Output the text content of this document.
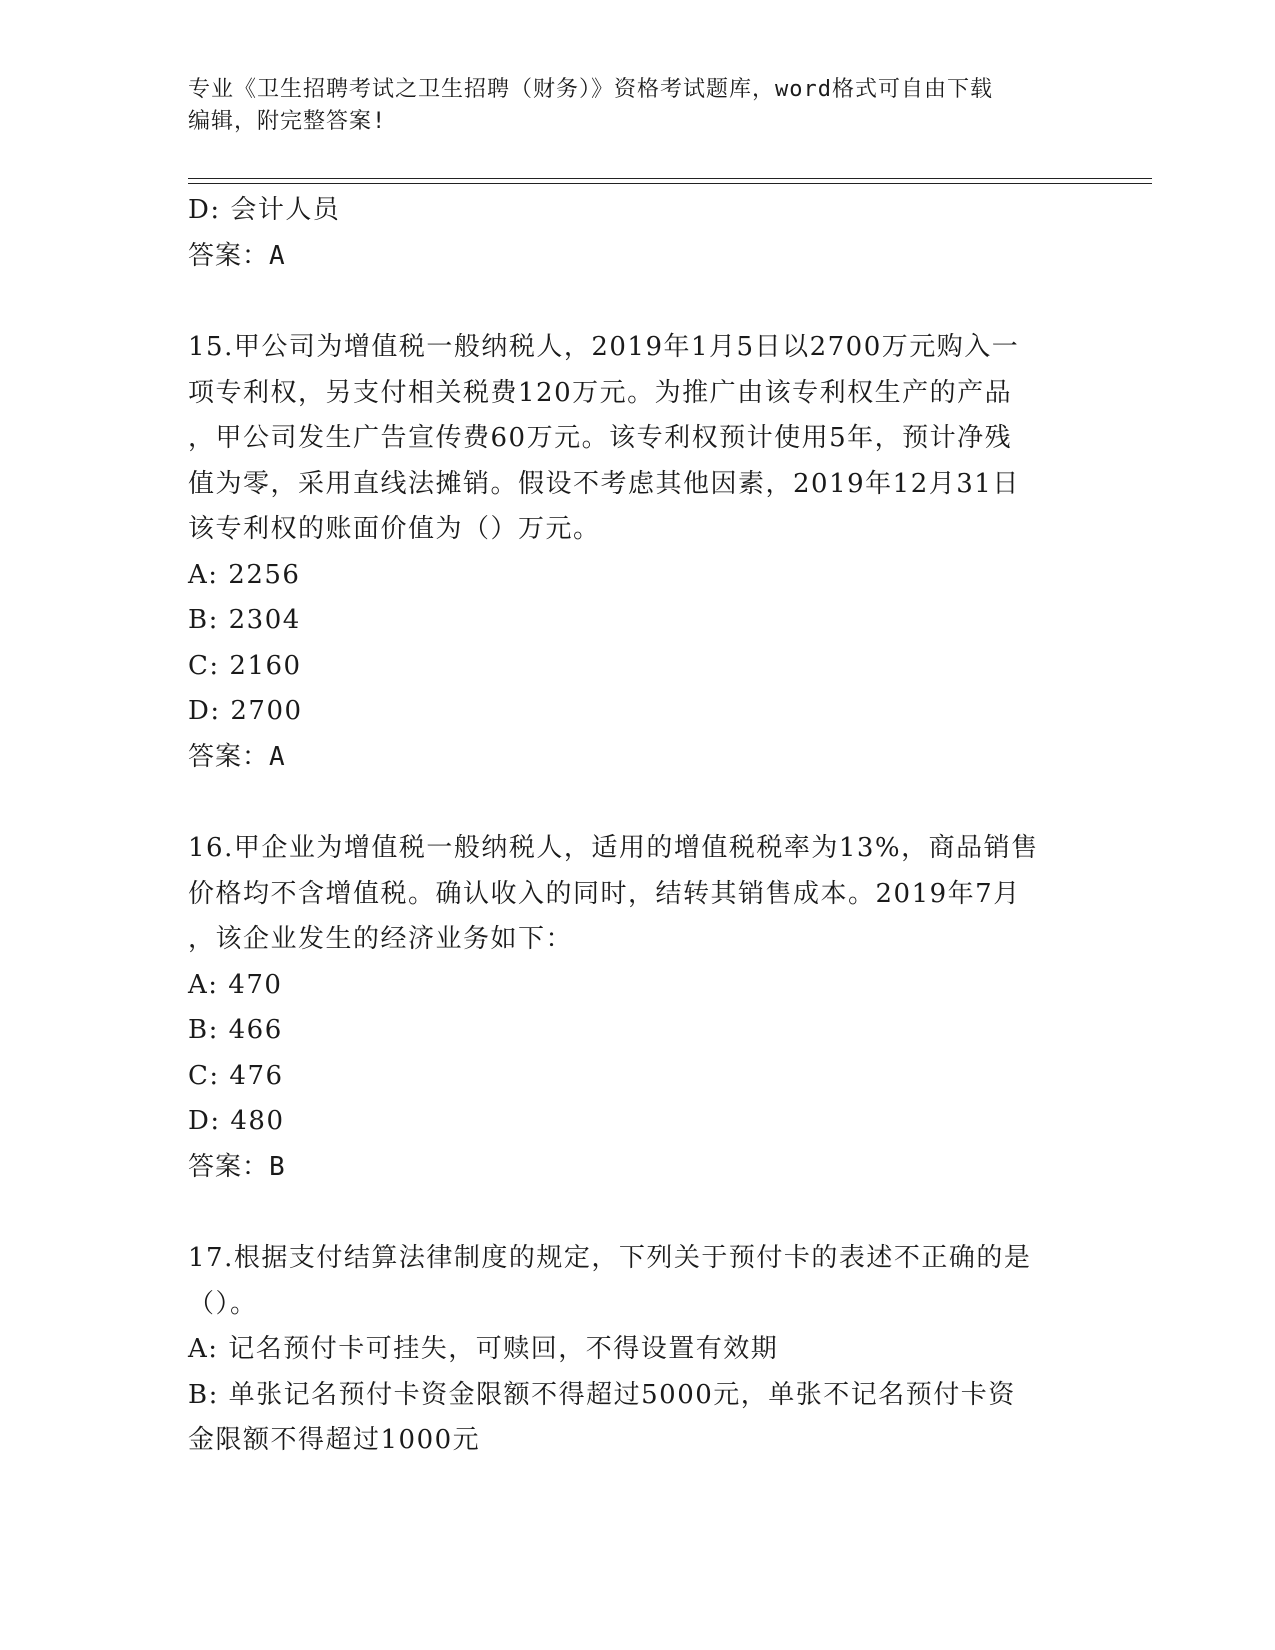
专业《卫生招聘考试之卫生招聘（财务）》资格考试题库，word格式可自由下载
编辑，附完整答案!
D: 会计人员
答案：A
15.甲公司为增值税一般纳税人，2019年1月5日以2700万元购入一
项专利权，另支付相关税费120万元。为推广由该专利权生产的产品
，甲公司发生广告宣传费60万元。该专利权预计使用5年，预计净残
值为零，采用直线法摊销。假设不考虑其他因素，2019年12月31日
该专利权的账面价值为（）万元。
A: 2256
B: 2304
C: 2160
D: 2700
答案：A
16.甲企业为增值税一般纳税人，适用的增值税税率为13%，商品销售
价格均不含增值税。确认收入的同时，结转其销售成本。2019年7月
，该企业发生的经济业务如下：
A: 470
B: 466
C: 476
D: 480
答案：B
17.根据支付结算法律制度的规定，下列关于预付卡的表述不正确的是
（）。
A: 记名预付卡可挂失，可赎回，不得设置有效期
B: 单张记名预付卡资金限额不得超过5000元，单张不记名预付卡资
金限额不得超过1000元
